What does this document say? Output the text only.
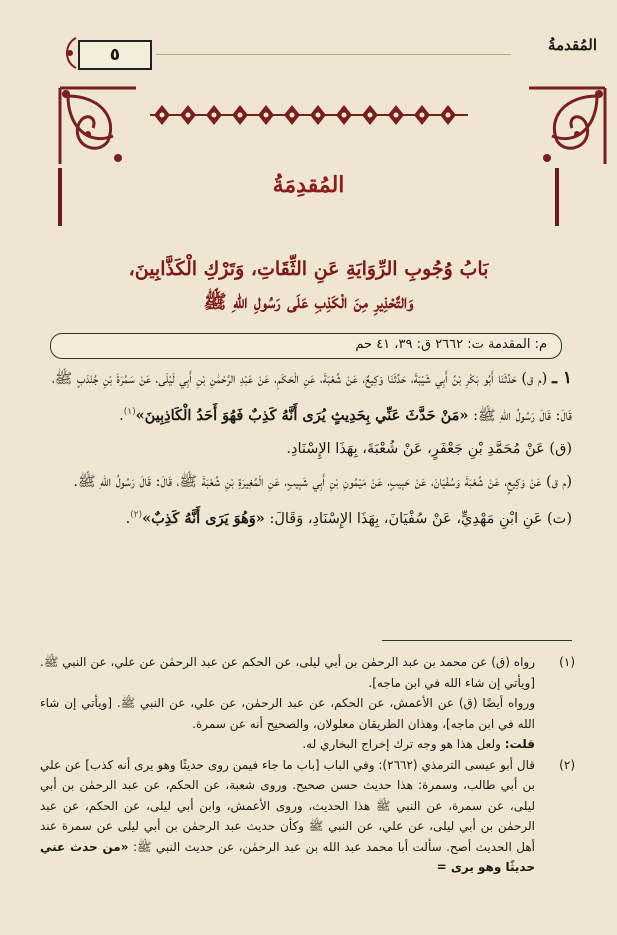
المُقدمةُ
٥
المُقدِمَةُ
بَابُ وُجُوبِ الرِّوَايَةِ عَنِ الثِّقَاتِ، وَتَرْكِ الْكَذَّابِينَ،
وَالتَّحْذِيرِ مِنَ الْكَذِبِ عَلَى رَسُولِ اللهِ ﷺ
م: المقدمة ت: ٢٦٦٢ ق: ٣٩، ٤١ حم

١ ـ (م ق) حَدَّثَنَا أَبُو بَكْرِ بْنُ أَبِي شَيْبَةَ، حَدَّثَنَا وَكِيعٌ، عَنْ شُعْبَةَ، عَنِ الْحَكَمِ، عَنْ عَبْدِ الرَّحْمَٰنِ بْنِ أَبِي لَيْلَى، عَنْ سَمُرَةَ بْنِ جُنْدَبٍ ﷺ، قَالَ: قَالَ رَسُولُ اللهِ ﷺ: «مَنْ حَدَّثَ عَنِّي بِحَدِيثٍ يُرَى أَنَّهُ كَذِبٌ فَهُوَ أَحَدُ الْكَاذِبِينَ»$^{(١)}$.

(ق) عَنْ مُحَمَّدِ بْنِ جَعْفَرٍ، عَنْ شُعْبَةَ، بِهَذَا الإِسْنَادِ.

(م ق) عَنْ وَكِيعٍ، عَنْ شُعْبَةَ وَسُفْيَانَ، عَنْ حَبِيبٍ، عَنْ مَيْمُونِ بْنِ أَبِي شَبِيبٍ، عَنِ الْمُغِيرَةِ بْنِ شُعْبَةَ ﷺ، قَالَ: قَالَ رَسُولُ اللهِ ﷺ.

(ت) عَنِ ابْنِ مَهْدِيٍّ، عَنْ سُفْيَانَ، بِهَذَا الإِسْنَادِ، وَقَالَ: «وَهُوَ يَرَى أَنَّهُ كَذِبٌ»$^{(٢)}$.

(١)

رواه (ق) عن محمد بن عبد الرحمٰن بن أبي ليلى، عن الحكم عن عبد الرحمٰن عن علي، عن النبي ﷺ. [ويأتي إن شاء الله في ابن ماجه].

ورواه أيضًا (ق) عن الأعمش، عن الحكم، عن عبد الرحمٰن، عن علي، عن النبي ﷺ. [ويأتي إن شاء الله في ابن ماجه]، وهذان الطريقان معلولان، والصحيح أنه عن سمرة.

قلت: ولعل هذا هو وجه ترك إخراج البخاري له.

(٢)

قال أبو عيسى الترمذي (٢٦٦٢): وفي الباب [باب ما جاء فيمن روى حديثًا وهو يرى أنه كذب] عن علي بن أبي طالب، وسمرة: هذا حديث حسن صحيح. وروى شعبة، عن الحكم، عن عبد الرحمٰن بن أبي ليلى، عن سمرة، عن النبي ﷺ هذا الحديث، وروى الأعمش، وابن أبي ليلى، عن الحكم، عن عبد الرحمٰن بن أبي ليلى، عن علي، عن النبي ﷺ وكأن حديث عبد الرحمٰن بن أبي ليلى عن سمرة عند أهل الحديث أصح. سألت أبا محمد عبد الله بن عبد الرحمٰن، عن حديث النبي ﷺ: «من حدث عني حديثًا وهو يرى =
